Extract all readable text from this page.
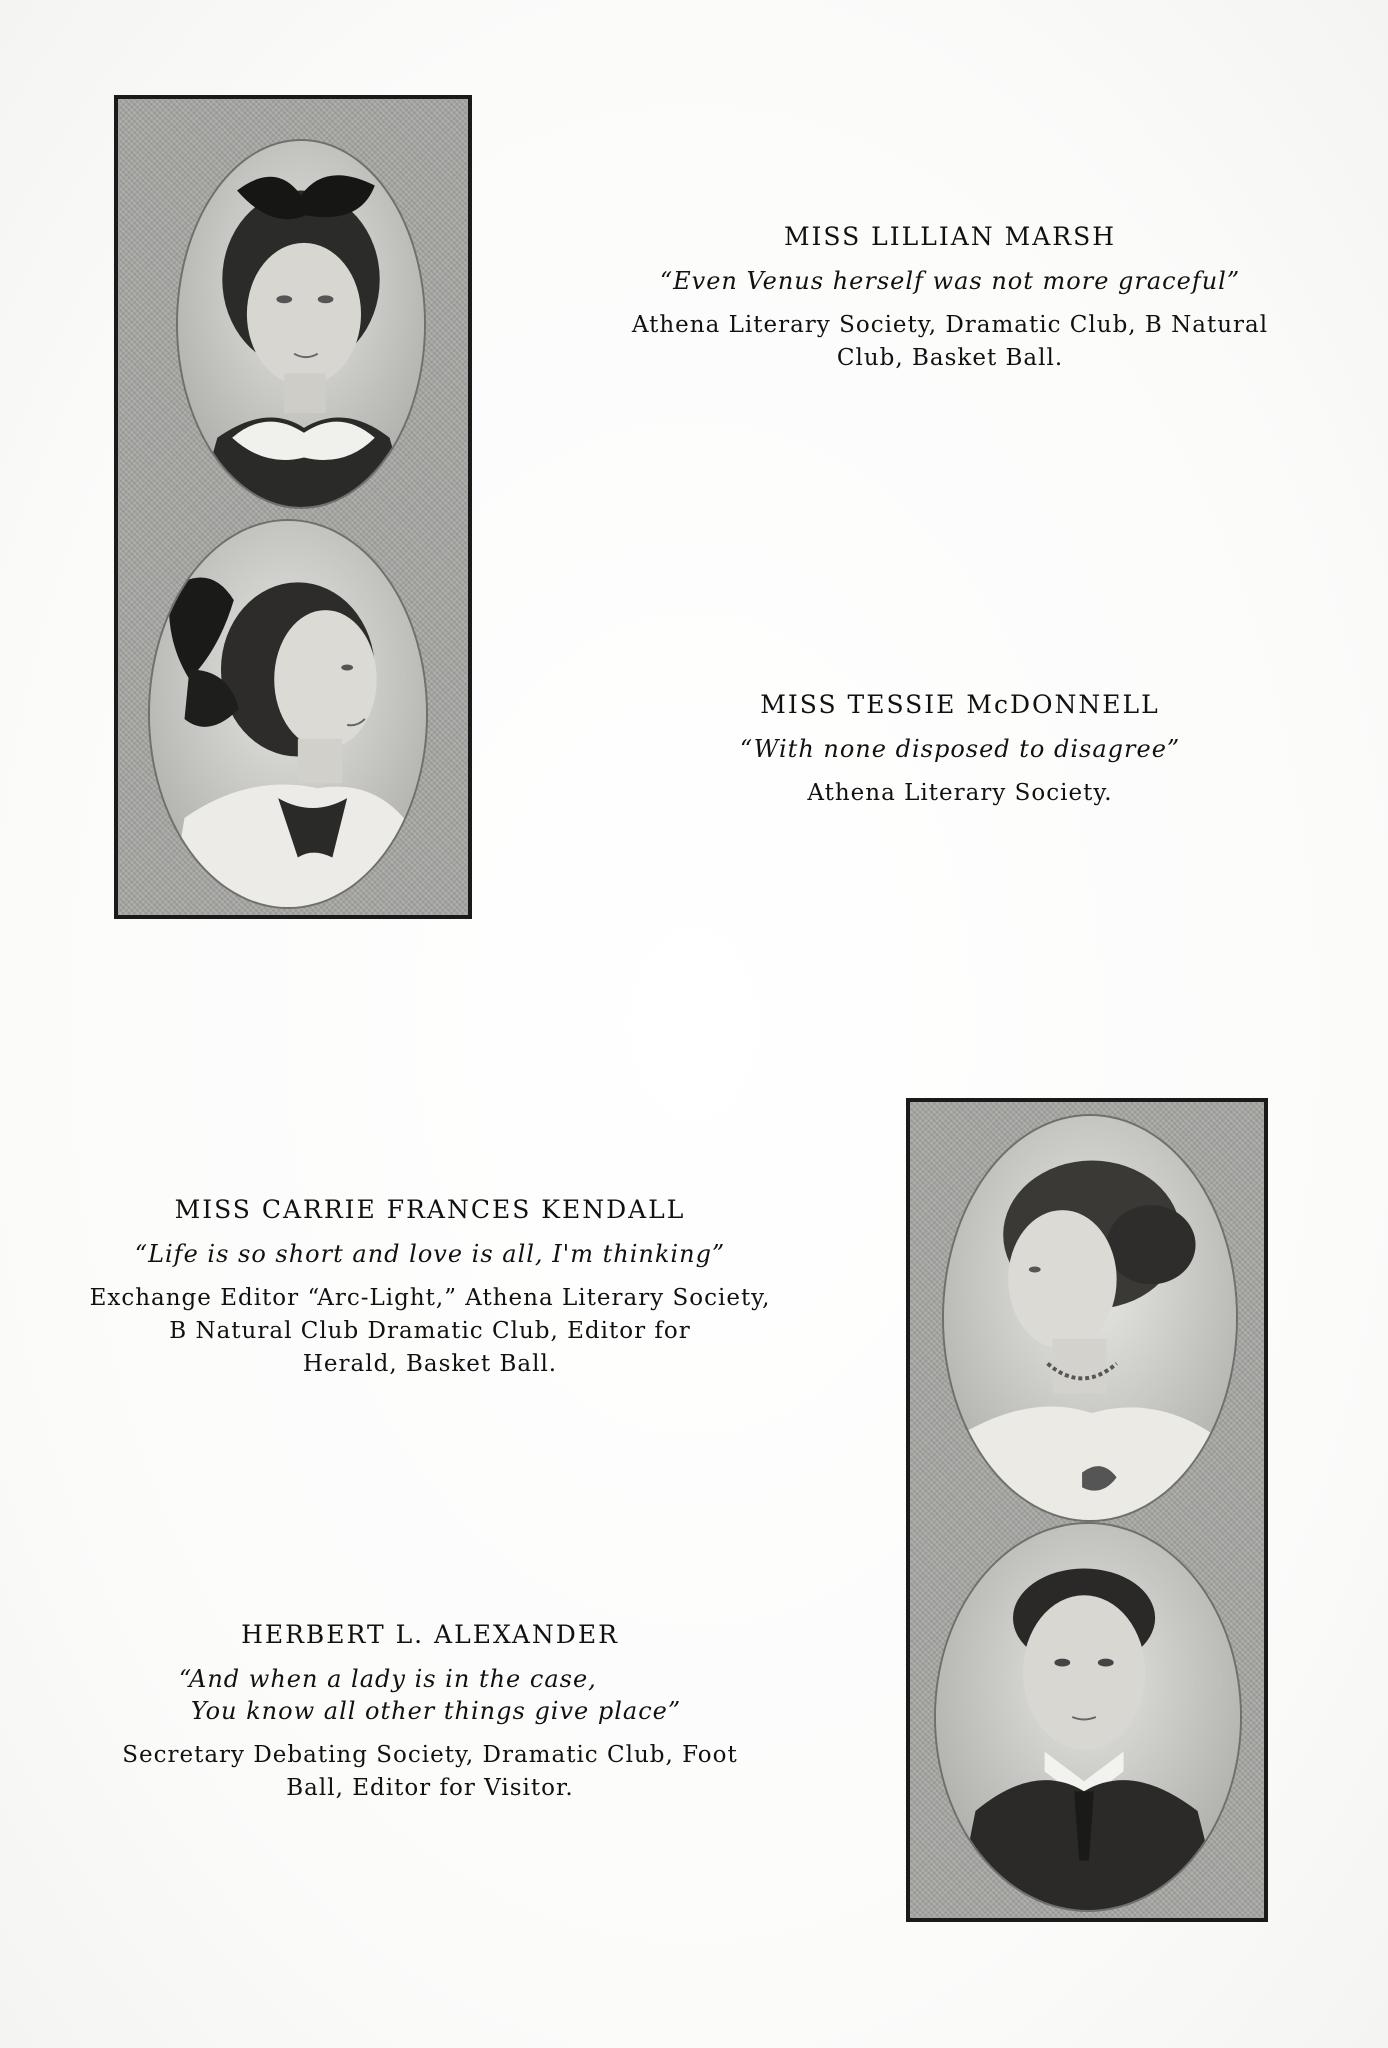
MISS LILLIAN MARSH
“Even Venus herself was not more graceful”
Athena Literary Society, Dramatic Club, B Natural
Club, Basket Ball.
MISS TESSIE McDONNELL
“With none disposed to disagree”
Athena Literary Society.
MISS CARRIE FRANCES KENDALL
“Life is so short and love is all, I'm thinking”
Exchange Editor “Arc-Light,” Athena Literary Society,
B Natural Club Dramatic Club, Editor for
Herald, Basket Ball.
HERBERT L. ALEXANDER
“And when a lady is in the case,
You know all other things give place”
Secretary Debating Society, Dramatic Club, Foot
Ball, Editor for Visitor.
